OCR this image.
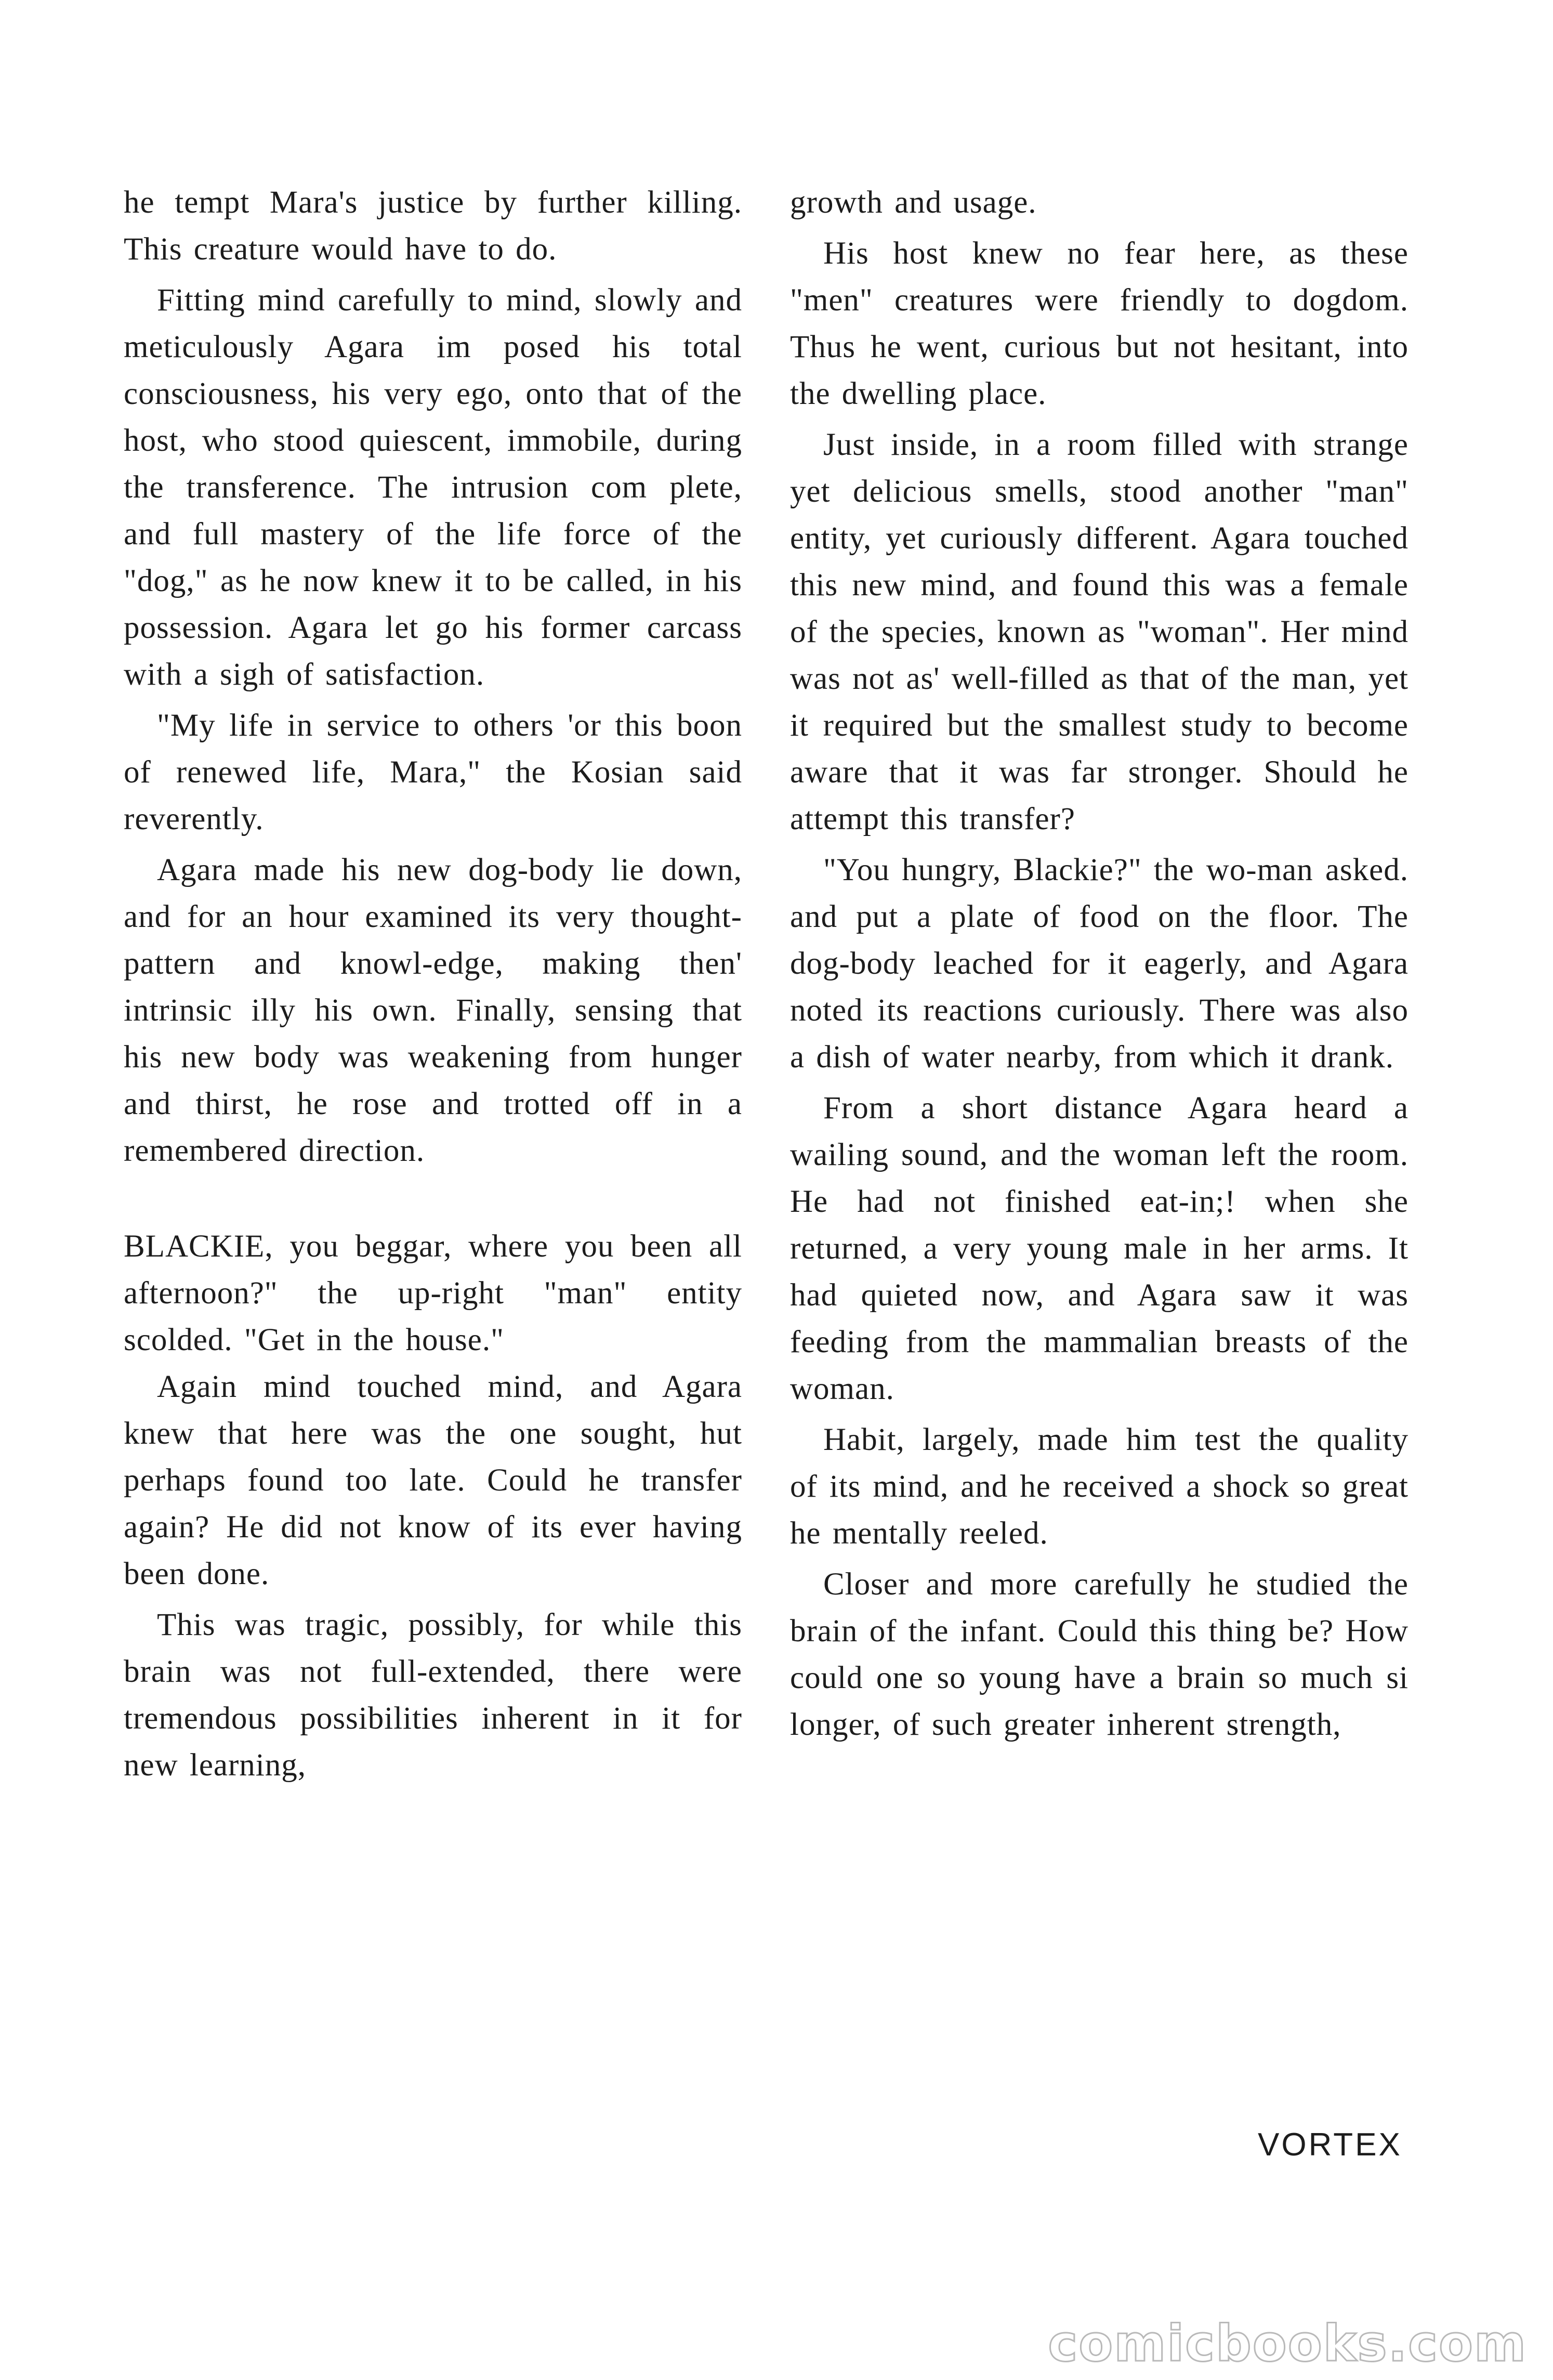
he tempt Mara's justice by further killing. This creature would have to do.

Fitting mind carefully to mind, slowly and meticulously Agara im posed his total consciousness, his very ego, onto that of the host, who stood quiescent, immobile, during the transference. The intrusion com plete, and full mastery of the life force of the "dog," as he now knew it to be called, in his possession. Agara let go his former carcass with a sigh of satisfaction.

"My life in service to others 'or this boon of renewed life, Mara," the Kosian said reverently.

Agara made his new dog-body lie down, and for an hour examined its very thought-pattern and knowl-edge, making then' intrinsic illy his own. Finally, sensing that his new body was weakening from hunger and thirst, he rose and trotted off in a remembered direction.

BLACKIE, you beggar, where you been all afternoon?" the up-right "man" entity scolded. "Get in the house."

Again mind touched mind, and Agara knew that here was the one sought, hut perhaps found too late. Could he transfer again? He did not know of its ever having been done.

This was tragic, possibly, for while this brain was not full-extended, there were tremendous possibilities inherent in it for new learning,

growth and usage.

His host knew no fear here, as these "men" creatures were friendly to dogdom. Thus he went, curious but not hesitant, into the dwelling place.

Just inside, in a room filled with strange yet delicious smells, stood another "man" entity, yet curiously different. Agara touched this new mind, and found this was a female of the species, known as "woman". Her mind was not as' well-filled as that of the man, yet it required but the smallest study to become aware that it was far stronger. Should he attempt this transfer?

"You hungry, Blackie?" the wo-man asked. and put a plate of food on the floor. The dog-body leached for it eagerly, and Agara noted its reactions curiously. There was also a dish of water nearby, from which it drank.

From a short distance Agara heard a wailing sound, and the woman left the room. He had not finished eat-in;! when she returned, a very young male in her arms. It had quieted now, and Agara saw it was feeding from the mammalian breasts of the woman.

Habit, largely, made him test the quality of its mind, and he received a shock so great he mentally reeled.

Closer and more carefully he studied the brain of the infant. Could this thing be? How could one so young have a brain so much si longer, of such greater inherent strength,

VORTEX
comicbooks.com
